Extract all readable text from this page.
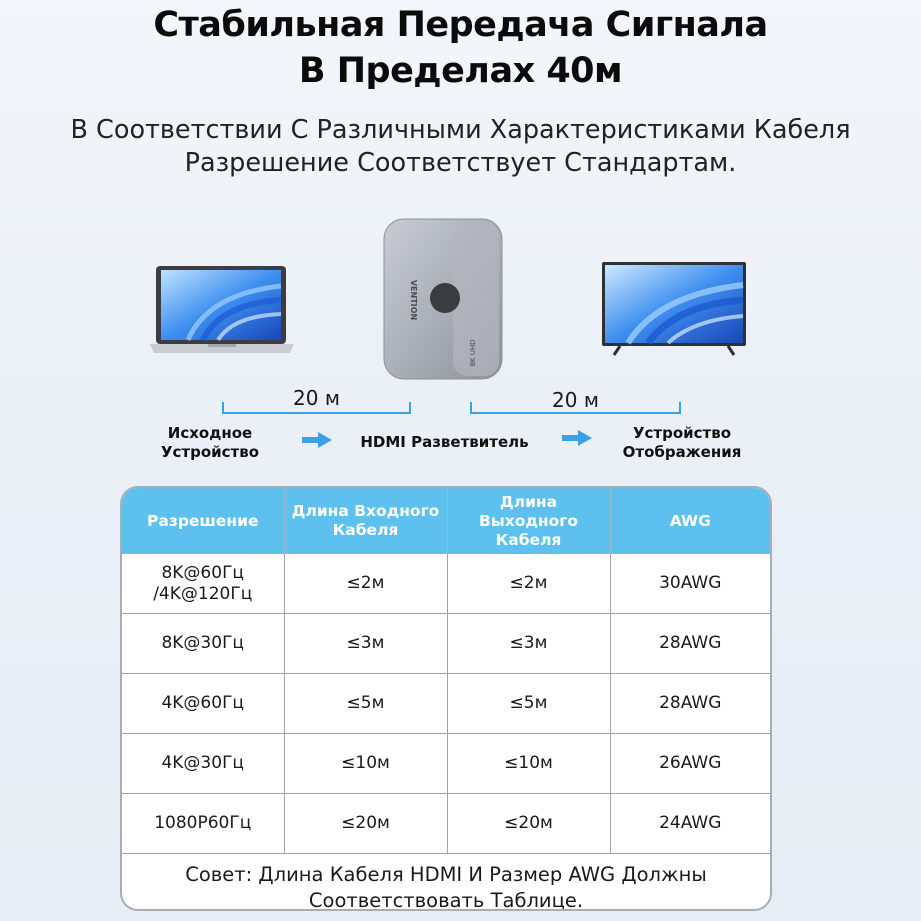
Стабильная Передача Сигнала
В Пределах 40м
В Соответствии С Различными Характеристиками Кабеля
Разрешение Соответствует Стандартам.
VENTION
8K UHD
20 м	20 м
Исходное
Устройство
HDMI Разветвитель	Устройство
Отображения
Разрешение	Длина Входного Кабеля	Длина Выходного Кабеля	AWG

8K@60Гц /4K@120Гц	≤2м	≤2м	30AWG
8K@30Гц	≤3м	≤3м	28AWG
4K@60Гц	≤5м	≤5м	28AWG
4K@30Гц	≤10м	≤10м	26AWG
1080P60Гц	≤20м	≤20м	24AWG
Совет: Длина Кабеля HDMI И Размер AWG Должны
Соответствовать Таблице.
